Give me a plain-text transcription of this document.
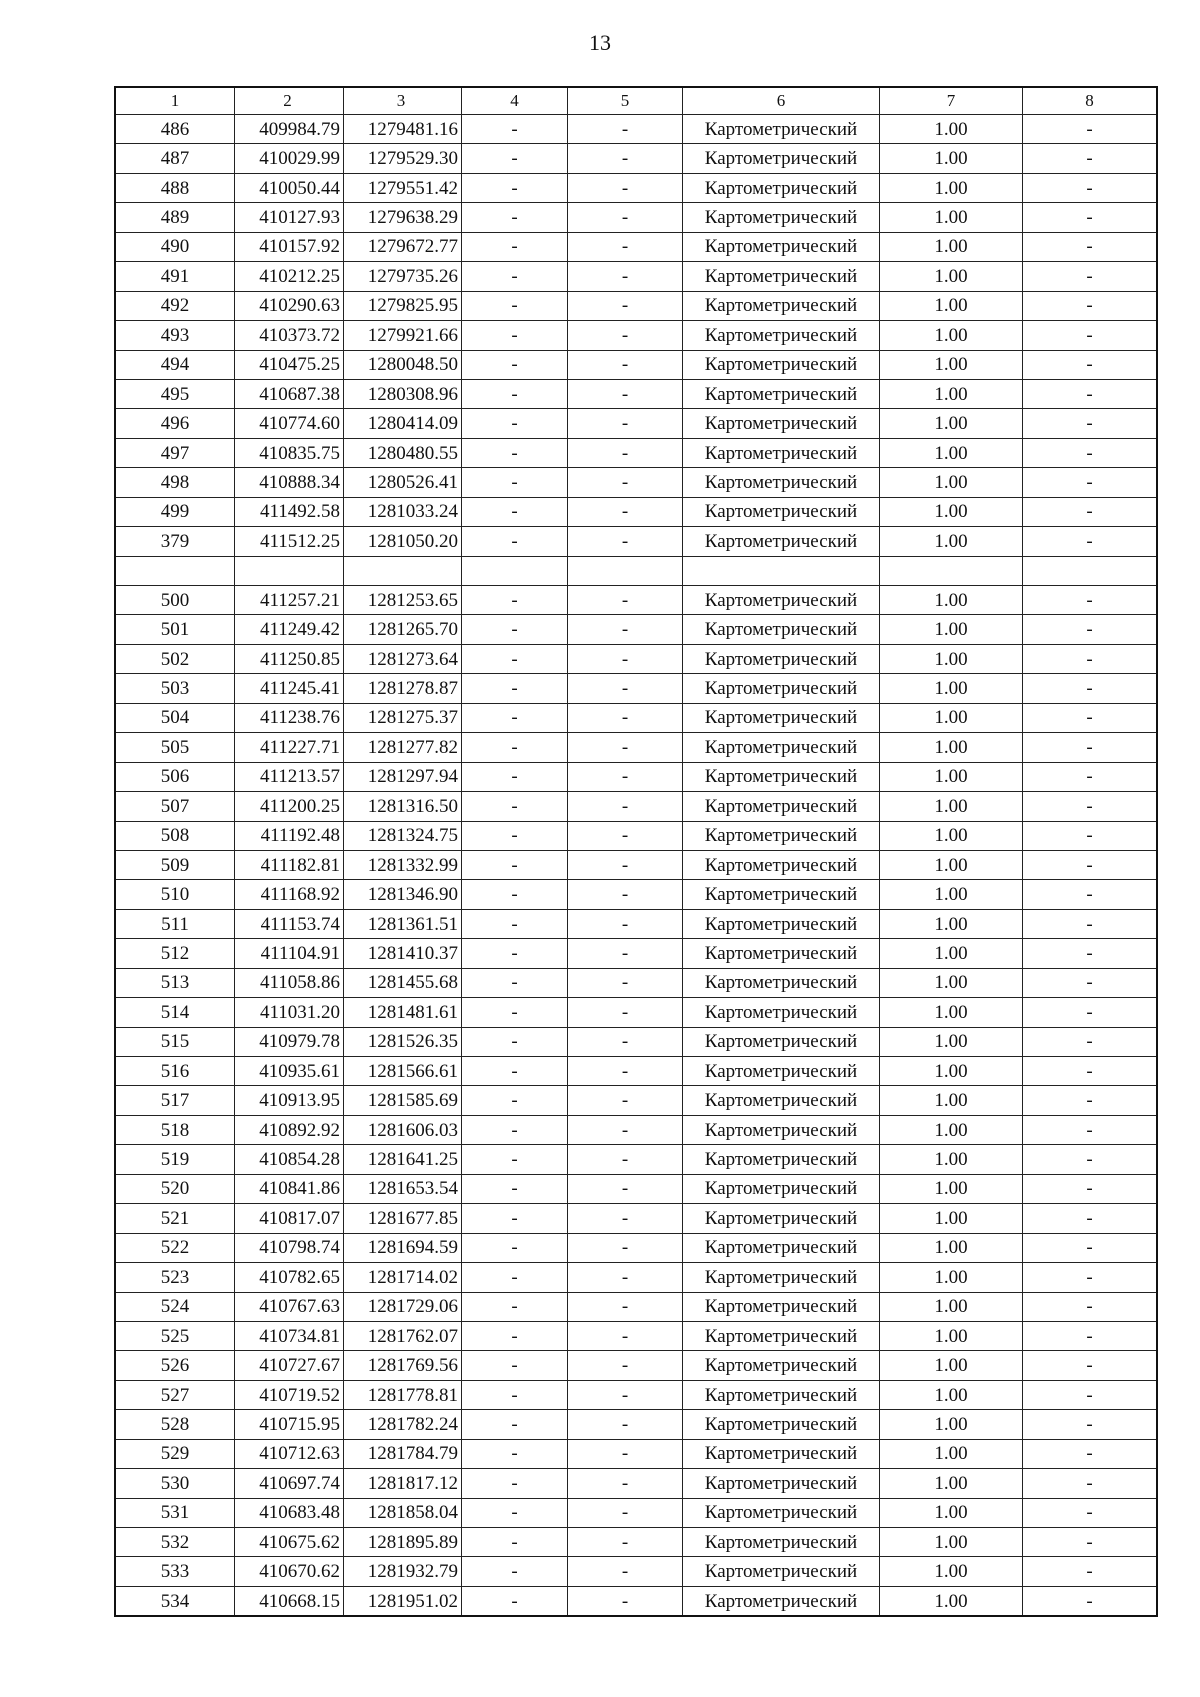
13
1	2	3	4	5	6	7	8
486	409984.79	1279481.16	-	-	Картометрический	1.00	-
487	410029.99	1279529.30	-	-	Картометрический	1.00	-
488	410050.44	1279551.42	-	-	Картометрический	1.00	-
489	410127.93	1279638.29	-	-	Картометрический	1.00	-
490	410157.92	1279672.77	-	-	Картометрический	1.00	-
491	410212.25	1279735.26	-	-	Картометрический	1.00	-
492	410290.63	1279825.95	-	-	Картометрический	1.00	-
493	410373.72	1279921.66	-	-	Картометрический	1.00	-
494	410475.25	1280048.50	-	-	Картометрический	1.00	-
495	410687.38	1280308.96	-	-	Картометрический	1.00	-
496	410774.60	1280414.09	-	-	Картометрический	1.00	-
497	410835.75	1280480.55	-	-	Картометрический	1.00	-
498	410888.34	1280526.41	-	-	Картометрический	1.00	-
499	411492.58	1281033.24	-	-	Картометрический	1.00	-
379	411512.25	1281050.20	-	-	Картометрический	1.00	-

500	411257.21	1281253.65	-	-	Картометрический	1.00	-
501	411249.42	1281265.70	-	-	Картометрический	1.00	-
502	411250.85	1281273.64	-	-	Картометрический	1.00	-
503	411245.41	1281278.87	-	-	Картометрический	1.00	-
504	411238.76	1281275.37	-	-	Картометрический	1.00	-
505	411227.71	1281277.82	-	-	Картометрический	1.00	-
506	411213.57	1281297.94	-	-	Картометрический	1.00	-
507	411200.25	1281316.50	-	-	Картометрический	1.00	-
508	411192.48	1281324.75	-	-	Картометрический	1.00	-
509	411182.81	1281332.99	-	-	Картометрический	1.00	-
510	411168.92	1281346.90	-	-	Картометрический	1.00	-
511	411153.74	1281361.51	-	-	Картометрический	1.00	-
512	411104.91	1281410.37	-	-	Картометрический	1.00	-
513	411058.86	1281455.68	-	-	Картометрический	1.00	-
514	411031.20	1281481.61	-	-	Картометрический	1.00	-
515	410979.78	1281526.35	-	-	Картометрический	1.00	-
516	410935.61	1281566.61	-	-	Картометрический	1.00	-
517	410913.95	1281585.69	-	-	Картометрический	1.00	-
518	410892.92	1281606.03	-	-	Картометрический	1.00	-
519	410854.28	1281641.25	-	-	Картометрический	1.00	-
520	410841.86	1281653.54	-	-	Картометрический	1.00	-
521	410817.07	1281677.85	-	-	Картометрический	1.00	-
522	410798.74	1281694.59	-	-	Картометрический	1.00	-
523	410782.65	1281714.02	-	-	Картометрический	1.00	-
524	410767.63	1281729.06	-	-	Картометрический	1.00	-
525	410734.81	1281762.07	-	-	Картометрический	1.00	-
526	410727.67	1281769.56	-	-	Картометрический	1.00	-
527	410719.52	1281778.81	-	-	Картометрический	1.00	-
528	410715.95	1281782.24	-	-	Картометрический	1.00	-
529	410712.63	1281784.79	-	-	Картометрический	1.00	-
530	410697.74	1281817.12	-	-	Картометрический	1.00	-
531	410683.48	1281858.04	-	-	Картометрический	1.00	-
532	410675.62	1281895.89	-	-	Картометрический	1.00	-
533	410670.62	1281932.79	-	-	Картометрический	1.00	-
534	410668.15	1281951.02	-	-	Картометрический	1.00	-
